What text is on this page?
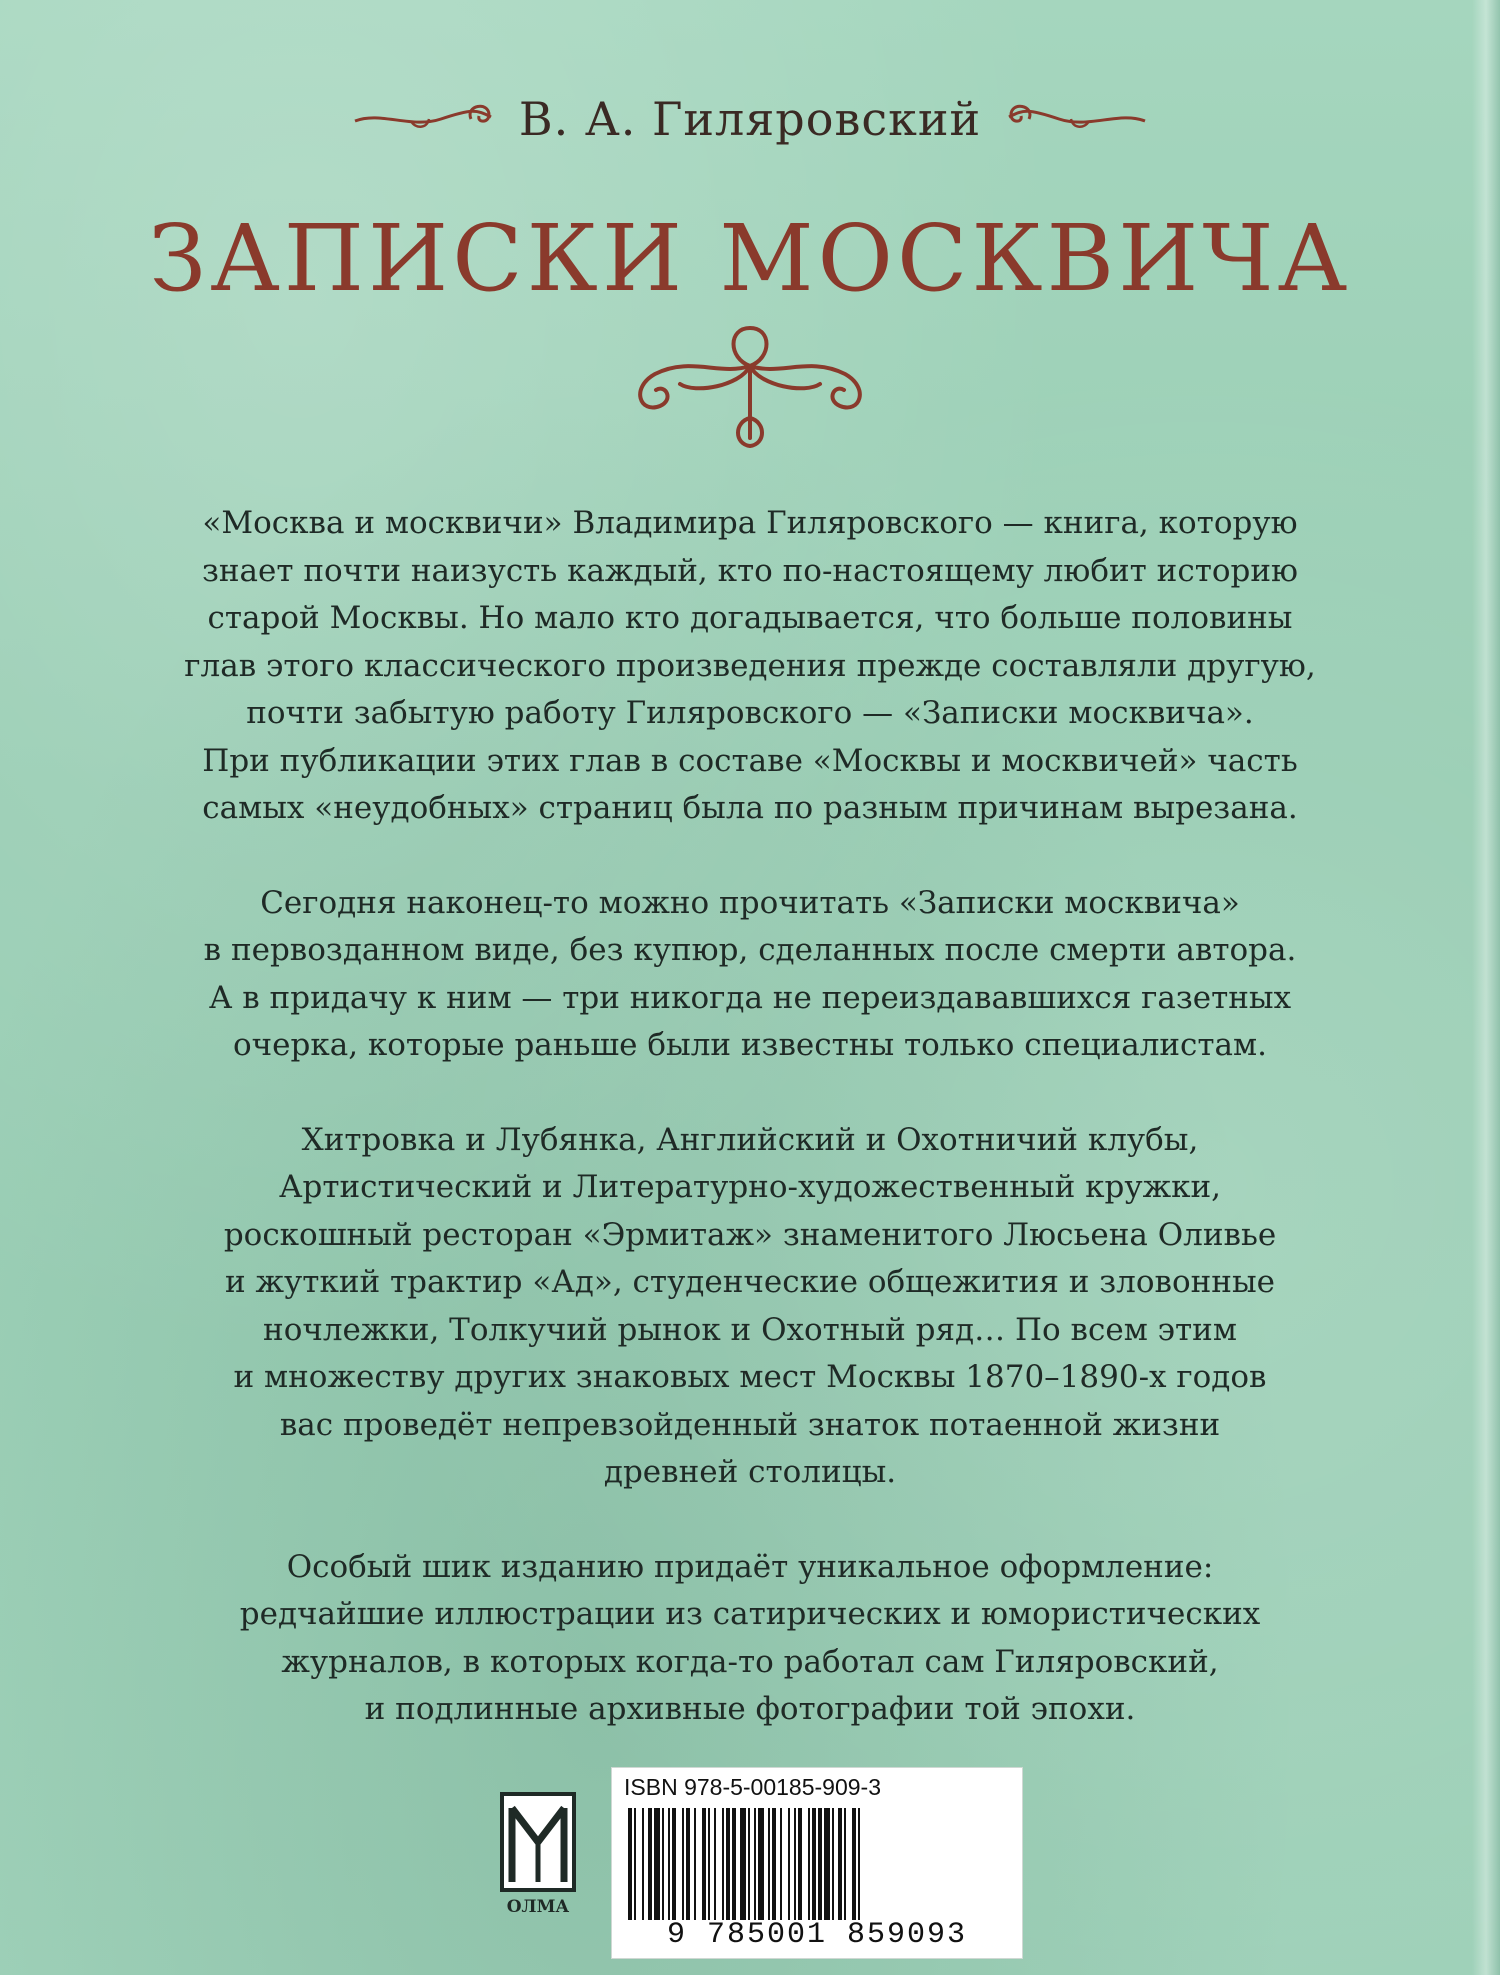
В. А. Гиляровский
ЗАПИСКИ МОСКВИЧА
«Москва и москвичи» Владимира Гиляровского — книга, которую
знает почти наизусть каждый, кто по-настоящему любит историю
старой Москвы. Но мало кто догадывается, что больше половины
глав этого классического произведения прежде составляли другую,
почти забытую работу Гиляровского — «Записки москвича».
При публикации этих глав в составе «Москвы и москвичей» часть
самых «неудобных» страниц была по разным причинам вырезана.
Сегодня наконец-то можно прочитать «Записки москвича»
в первозданном виде, без купюр, сделанных после смерти автора.
А в придачу к ним — три никогда не переиздававшихся газетных
очерка, которые раньше были известны только специалистам.
Хитровка и Лубянка, Английский и Охотничий клубы,
Артистический и Литературно-художественный кружки,
роскошный ресторан «Эрмитаж» знаменитого Люсьена Оливье
и жуткий трактир «Ад», студенческие общежития и зловонные
ночлежки, Толкучий рынок и Охотный ряд… По всем этим
и множеству других знаковых мест Москвы 1870–1890-х годов
вас проведёт непревзойденный знаток потаенной жизни
древней столицы.
Особый шик изданию придаёт уникальное оформление:
редчайшие иллюстрации из сатирических и юмористических
журналов, в которых когда-то работал сам Гиляровский,
и подлинные архивные фотографии той эпохи.
ОЛМА
ISBN 978-5-00185-909-3
9 785001 859093
